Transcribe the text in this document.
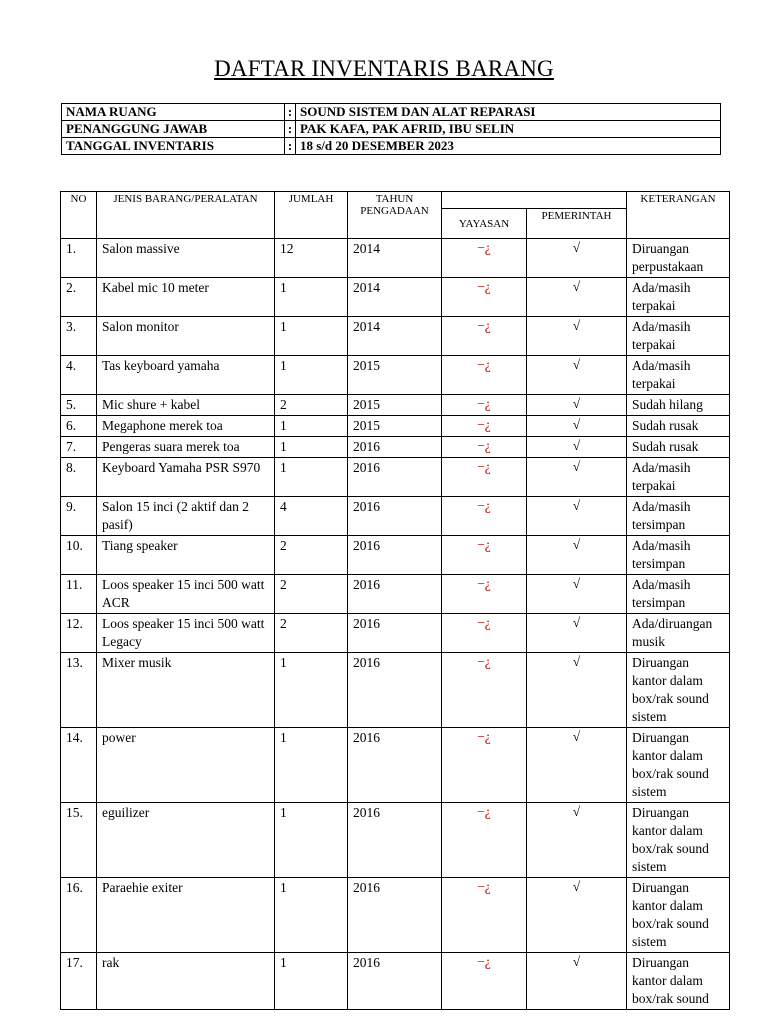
DAFTAR INVENTARIS BARANG
NAMA RUANG	:	SOUND SISTEM DAN ALAT REPARASI
PENANGGUNG JAWAB	:	PAK KAFA, PAK AFRID, IBU SELIN
TANGGAL INVENTARIS	:	18 s/d 20 DESEMBER 2023
NO	JENIS BARANG/PERALATAN	JUMLAH	TAHUN PENGADAAN			KETERANGAN
				YAYASAN	PEMERINTAH	
1.	Salon massive	12	2014	−¿	√	Diruangan perpustakaan
2.	Kabel mic 10 meter	1	2014	−¿	√	Ada/masih terpakai
3.	Salon monitor	1	2014	−¿	√	Ada/masih terpakai
4.	Tas keyboard yamaha	1	2015	−¿	√	Ada/masih terpakai
5.	Mic shure + kabel	2	2015	−¿	√	Sudah hilang
6.	Megaphone merek toa	1	2015	−¿	√	Sudah rusak
7.	Pengeras suara merek toa	1	2016	−¿	√	Sudah rusak
8.	Keyboard Yamaha PSR S970	1	2016	−¿	√	Ada/masih terpakai
9.	Salon 15 inci (2 aktif dan 2 pasif)	4	2016	−¿	√	Ada/masih tersimpan
10.	Tiang speaker	2	2016	−¿	√	Ada/masih tersimpan
11.	Loos speaker 15 inci 500 watt ACR	2	2016	−¿	√	Ada/masih tersimpan
12.	Loos speaker 15 inci 500 watt Legacy	2	2016	−¿	√	Ada/diruangan musik
13.	Mixer musik	1	2016	−¿	√	Diruangan kantor dalam box/rak sound sistem
14.	power	1	2016	−¿	√	Diruangan kantor dalam box/rak sound sistem
15.	eguilizer	1	2016	−¿	√	Diruangan kantor dalam box/rak sound sistem
16.	Paraehie exiter	1	2016	−¿	√	Diruangan kantor dalam box/rak sound sistem
17.	rak	1	2016	−¿	√	Diruangan kantor dalam box/rak sound
